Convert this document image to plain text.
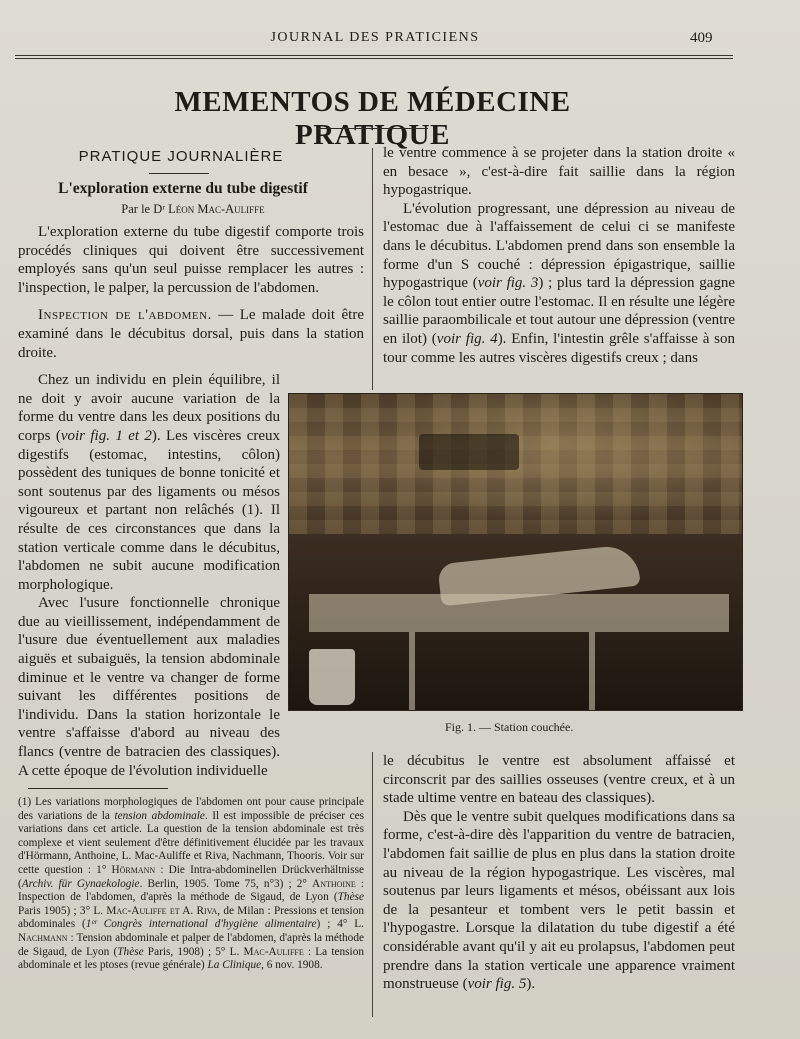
JOURNAL DES PRATICIENS	409
MEMENTOS DE MÉDECINE PRATIQUE
PRATIQUE JOURNALIÈRE
L'exploration externe du tube digestif
Par le Dʳ Léon Mac-Auliffe

L'exploration externe du tube digestif comporte trois procédés cliniques qui doivent être successivement employés sans qu'un seul puisse remplacer les autres : l'inspection, le palper, la percussion de l'abdomen.

Inspection de l'abdomen. — Le malade doit être examiné dans le décubitus dorsal, puis dans la station droite.

Chez un individu en plein équilibre, il ne doit y avoir aucune variation de la forme du ventre dans les deux positions du corps (voir fig. 1 et 2). Les viscères creux digestifs (estomac, intestins, côlon) possèdent des tuniques de bonne tonicité et sont soutenus par des ligaments ou mésos vigoureux et partant non relâchés (1). Il résulte de ces circonstances que dans la station verticale comme dans le décubitus, l'abdomen ne subit aucune modification morphologique.

Avec l'usure fonctionnelle chronique due au vieillissement, indépendamment de l'usure due éventuellement aux maladies aiguës et subaiguës, la tension abdominale diminue et le ventre va changer de forme suivant les différentes positions de l'individu. Dans la station horizontale le ventre s'affaisse d'abord au niveau des flancs (ventre de batracien des classiques). A cette époque de l'évolution individuelle

le ventre commence à se projeter dans la station droite « en besace », c'est-à-dire fait saillie dans la région hypogastrique.

L'évolution progressant, une dépression au niveau de l'estomac due à l'affaissement de celui ci se manifeste dans le décubitus. L'abdomen prend dans son ensemble la forme d'un S couché : dépression épigastrique, saillie hypogastrique (voir fig. 3) ; plus tard la dépression gagne le côlon tout entier outre l'estomac. Il en résulte une légère saillie paraombilicale et tout autour une dépression (ventre en ilot) (voir fig. 4). Enfin, l'intestin grêle s'affaisse à son tour comme les autres viscères digestifs creux ; dans

Fig. 1. — Station couchée.

le décubitus le ventre est absolument affaissé et circonscrit par des saillies osseuses (ventre creux, et à un stade ultime ventre en bateau des classiques).

Dès que le ventre subit quelques modifications dans sa forme, c'est-à-dire dès l'apparition du ventre de batracien, l'abdomen fait saillie de plus en plus dans la station droite au niveau de la région hypogastrique. Les viscères, mal soutenus par leurs ligaments et mésos, obéissant aux lois de la pesanteur et tombent vers le petit bassin et l'hypogastre. Lorsque la dilatation du tube digestif a été considérable avant qu'il y ait eu prolapsus, l'abdomen peut prendre dans la station verticale une apparence vraiment monstrueuse (voir fig. 5).

(1) Les variations morphologiques de l'abdomen ont pour cause principale des variations de la tension abdominale. Il est impossible de préciser ces variations dans cet article. La question de la tension abdominale est très complexe et vient seulement d'être définitivement élucidée par les travaux d'Hörmann, Anthoine, L. Mac-Auliffe et Riva, Nachmann, Thooris. Voir sur cette question : 1° Hörmann : Die Intra-abdominellen Drückverhältnisse (Archiv. für Gynaekologie. Berlin, 1905. Tome 75, n°3) ; 2° Anthoine : Inspection de l'abdomen, d'après la méthode de Sigaud, de Lyon (Thèse Paris 1905) ; 3° L. Mac-Auliffe et A. Riva, de Milan : Pressions et tension abdominales (1ᵉʳ Congrès international d'hygiène alimentaire) ; 4° L. Nachmann : Tension abdominale et palper de l'abdomen, d'après la méthode de Sigaud, de Lyon (Thèse Paris, 1908) ; 5° L. Mac-Auliffe : La tension abdominale et les ptoses (revue générale) La Clinique, 6 nov. 1908.
